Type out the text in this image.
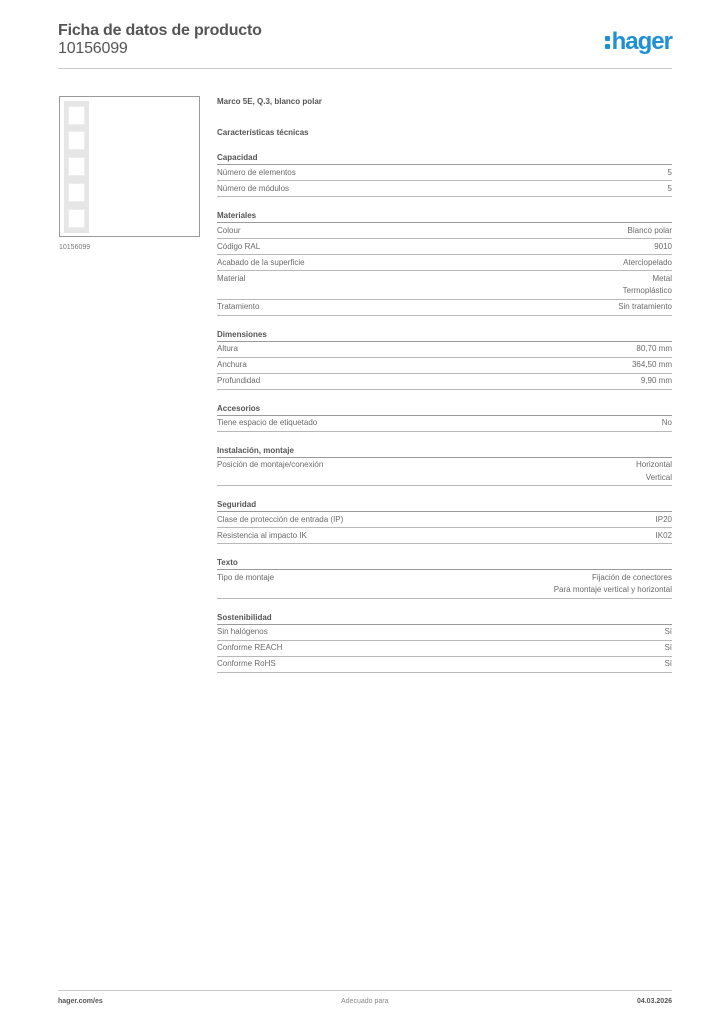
Ficha de datos de producto
10156099	hager
10156099
Marco 5E, Q.3, blanco polar
Características técnicas
Capacidad
Número de elementos	5
Número de módulos	5
Materiales
Colour	Blanco polar
Código RAL	9010
Acabado de la superficie	Aterciopelado
Material	Metal
Termoplástico
Tratamiento	Sin tratamiento
Dimensiones
Altura	80,70 mm
Anchura	364,50 mm
Profundidad	9,90 mm
Accesorios
Tiene espacio de etiquetado	No
Instalación, montaje
Posición de montaje/conexión	Horizontal
Vertical
Seguridad
Clase de protección de entrada (IP)	IP20
Resistencia al impacto IK	IK02
Texto
Tipo de montaje	Fijación de conectores
Para montaje vertical y horizontal
Sostenibilidad
Sin halógenos	Sí
Conforme REACH	Sí
Conforme RoHS	Sí
hager.com/es	Adecuado para	04.03.2026
